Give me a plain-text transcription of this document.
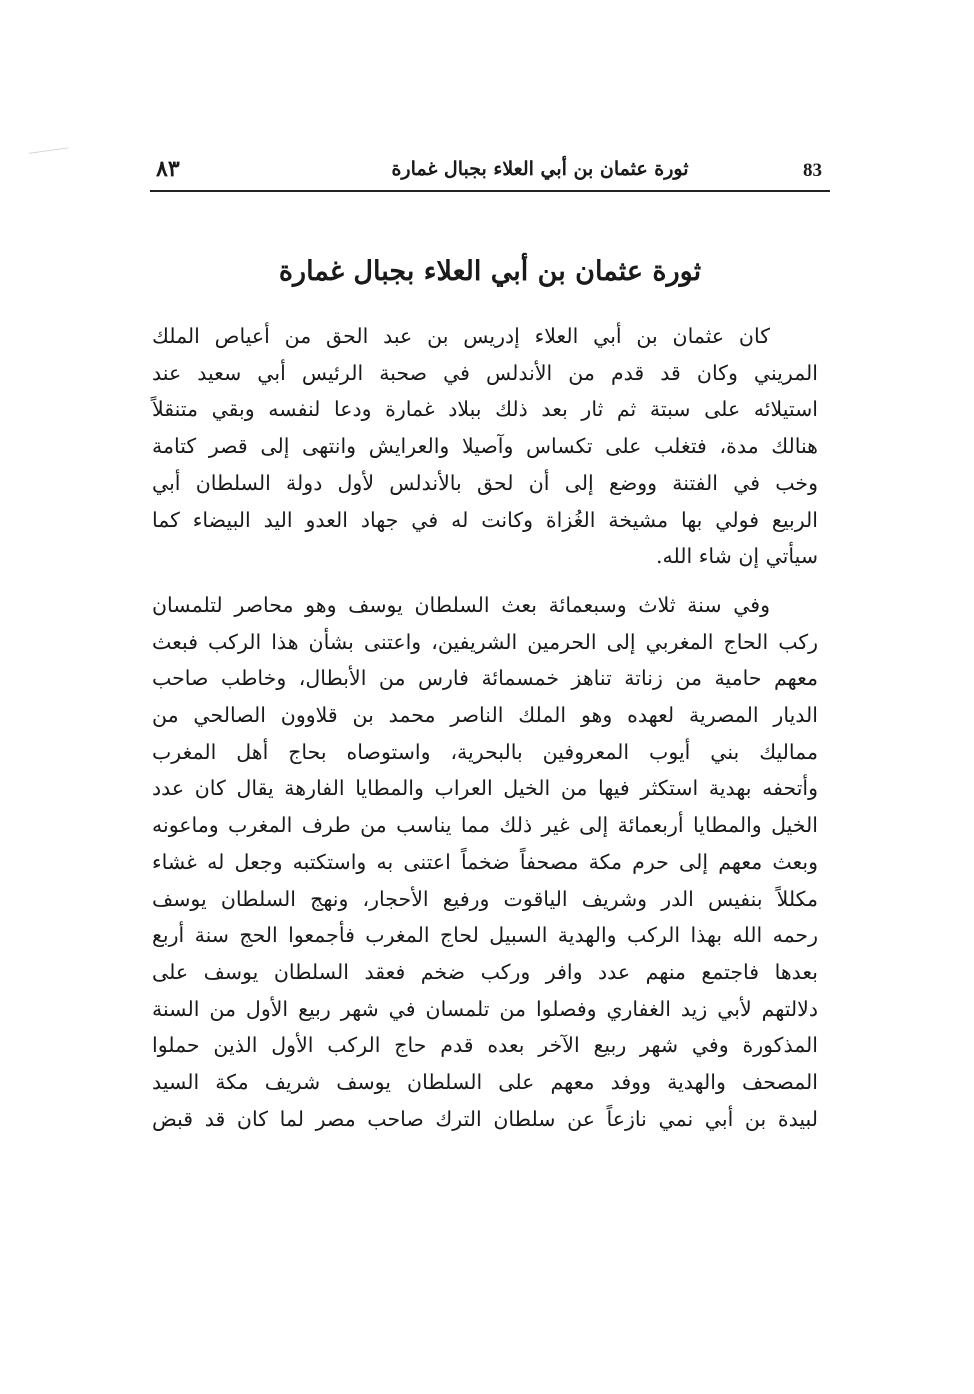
٨٣	ثورة عثمان بن أبي العلاء بجبال غمارة	83
ثورة عثمان بن أبي العلاء بجبال غمارة

كان عثمان بن أبي العلاء إدريس بن عبد الحق من أعياص الملك
المريني وكان قد قدم من الأندلس في صحبة الرئيس أبي سعيد عند
استيلائه على سبتة ثم ثار بعد ذلك ببلاد غمارة ودعا لنفسه وبقي متنقلاً
هنالك مدة، فتغلب على تكساس وآصيلا والعرايش وانتهى إلى قصر كتامة
وخب في الفتنة ووضع إلى أن لحق بالأندلس لأول دولة السلطان أبي
الربيع فولي بها مشيخة الغُزاة وكانت له في جهاد العدو اليد البيضاء كما
سيأتي إن شاء الله.

وفي سنة ثلاث وسبعمائة بعث السلطان يوسف وهو محاصر لتلمسان
ركب الحاج المغربي إلى الحرمين الشريفين، واعتنى بشأن هذا الركب فبعث
معهم حامية من زناتة تناهز خمسمائة فارس من الأبطال، وخاطب صاحب
الديار المصرية لعهده وهو الملك الناصر محمد بن قلاوون الصالحي من
مماليك بني أيوب المعروفين بالبحرية، واستوصاه بحاج أهل المغرب
وأتحفه بهدية استكثر فيها من الخيل العراب والمطايا الفارهة يقال كان عدد
الخيل والمطايا أربعمائة إلى غير ذلك مما يناسب من طرف المغرب وماعونه
وبعث معهم إلى حرم مكة مصحفاً ضخماً اعتنى به واستكتبه وجعل له غشاء
مكللاً بنفيس الدر وشريف الياقوت ورفيع الأحجار، ونهج السلطان يوسف
رحمه الله بهذا الركب والهدية السبيل لحاج المغرب فأجمعوا الحج سنة أربع
بعدها فاجتمع منهم عدد وافر وركب ضخم فعقد السلطان يوسف على
دلالتهم لأبي زيد الغفاري وفصلوا من تلمسان في شهر ربيع الأول من السنة
المذكورة وفي شهر ربيع الآخر بعده قدم حاج الركب الأول الذين حملوا
المصحف والهدية ووفد معهم على السلطان يوسف شريف مكة السيد
لبيدة بن أبي نمي نازعاً عن سلطان الترك صاحب مصر لما كان قد قبض
